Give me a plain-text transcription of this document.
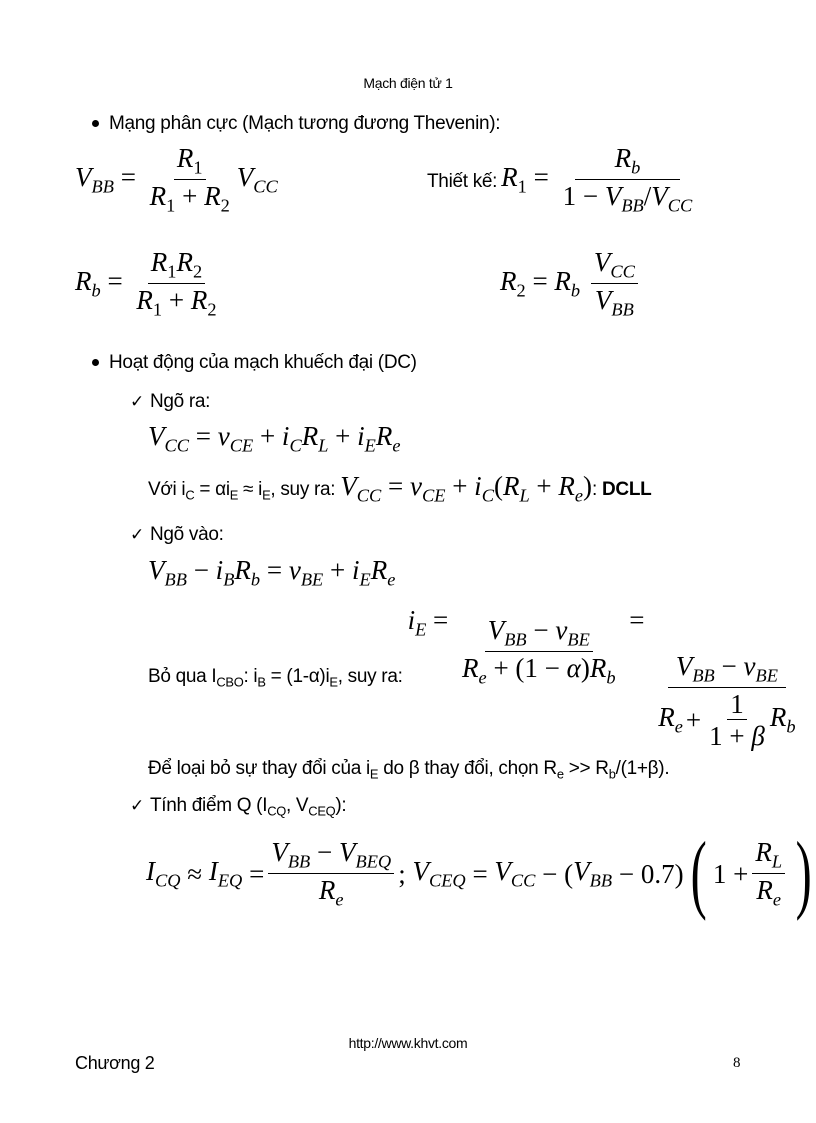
Mạch điện tử 1
Mạng phân cực (Mạch tương đương Thevenin):
$V_{BB} = \frac{R_1}{R_1 + R_2} V_{CC}$	Thiết kế: $R_1 = \frac{R_b}{1 - V_{BB}/V_{CC}}$
$R_b = \frac{R_1R_2}{R_1 + R_2}$	$R_2 = R_b \frac{V_{CC}}{V_{BB}}$
Hoạt động của mạch khuếch đại (DC)
✓ Ngõ ra:
$V_{CC} = v_{CE} + i_CR_L + i_ER_e$
Với $i_C = \alpha i_E \approx i_E$, suy ra: $V_{CC} = v_{CE} + i_C(R_L + R_e)$: DCLL
✓ Ngõ vào:
$V_{BB} - i_BR_b = v_{BE} + i_ER_e$
Bỏ qua $I_{CBO}$: $i_B = (1-\alpha)i_E$, suy ra: $i_E = \frac{V_{BB} - v_{BE}}{R_e + (1 - \alpha)R_b}$ =
$\frac{V_{BB} - v_{BE}}{R_e + \frac{1}{1 + \beta} R_b}$
Để loại bỏ sự thay đổi của $i_E$ do β thay đổi, chọn $R_e >> R_b/(1+\beta)$.
✓ Tính điểm Q ($I_{CQ}$, $V_{CEQ}$):
$I_{CQ}$
≈
$I_{EQ}$
= $\frac{V_{BB} - V_{BEQ}}{R_e}$ ;
$V_{CEQ}$
=
$V_{CC}$
−
( $V_{BB}$
−
0.7) ( $1 + \frac{R_L}{R_e}$ )
http://www.khvt.com
Chương 2	8
